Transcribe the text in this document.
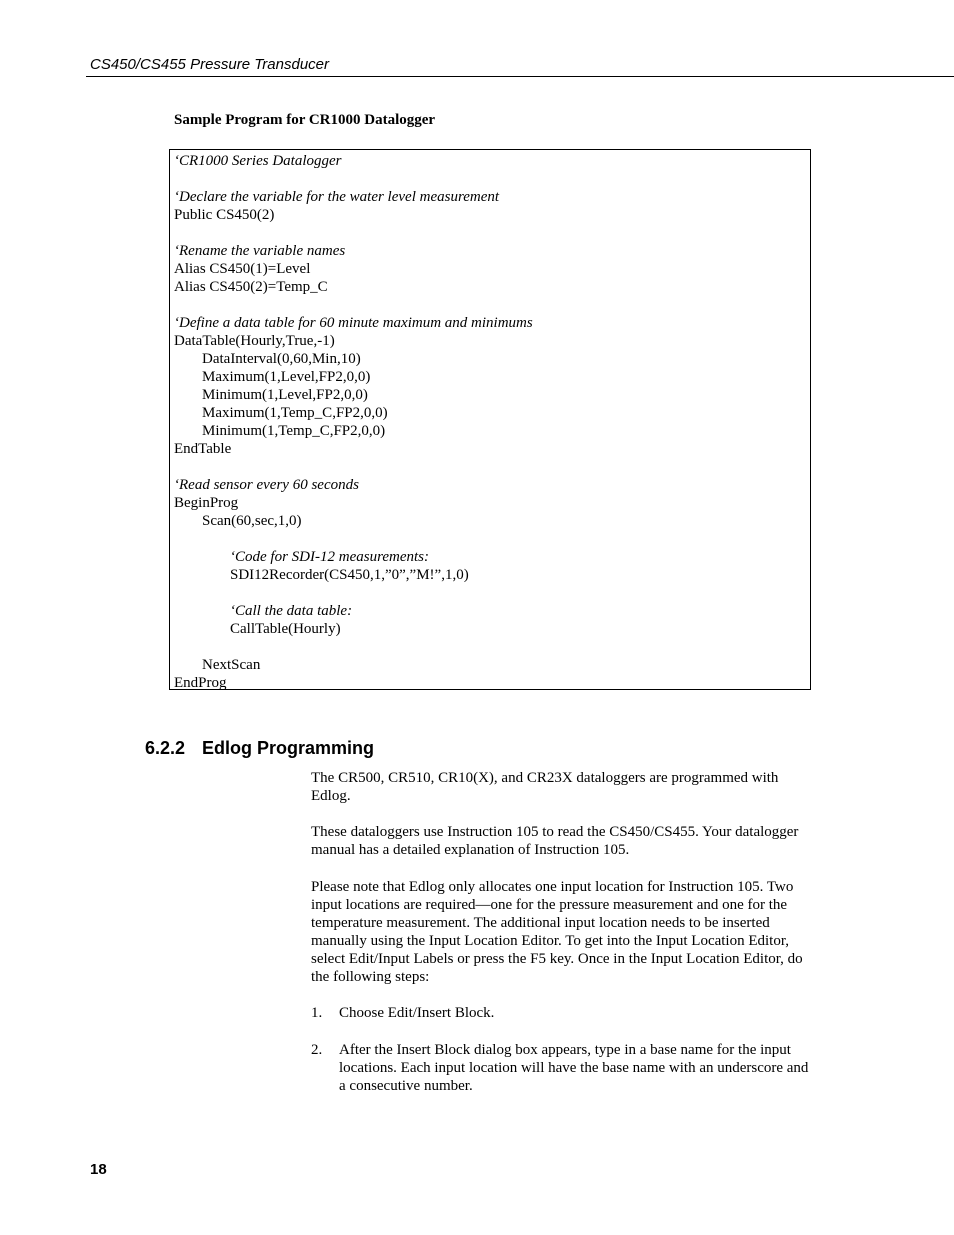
CS450/CS455 Pressure Transducer
Sample Program for CR1000 Datalogger
‘CR1000 Series Datalogger
‘Declare the variable for the water level measurement
Public CS450(2)
‘Rename the variable names
Alias CS450(1)=Level
Alias CS450(2)=Temp_C
‘Define a data table for 60 minute maximum and minimums
DataTable(Hourly,True,-1)
DataInterval(0,60,Min,10)
Maximum(1,Level,FP2,0,0)
Minimum(1,Level,FP2,0,0)
Maximum(1,Temp_C,FP2,0,0)
Minimum(1,Temp_C,FP2,0,0)
EndTable
‘Read sensor every 60 seconds
BeginProg
Scan(60,sec,1,0)
‘Code for SDI-12 measurements:
SDI12Recorder(CS450,1,”0”,”M!”,1,0)
‘Call the data table:
CallTable(Hourly)
NextScan
EndProg
6.2.2 Edlog Programming
The CR500, CR510, CR10(X), and CR23X dataloggers are programmed with Edlog.
These dataloggers use Instruction 105 to read the CS450/CS455. Your datalogger manual has a detailed explanation of Instruction 105.
Please note that Edlog only allocates one input location for Instruction 105. Two input locations are required—one for the pressure measurement and one for the temperature measurement. The additional input location needs to be inserted manually using the Input Location Editor. To get into the Input Location Editor, select Edit/Input Labels or press the F5 key. Once in the Input Location Editor, do the following steps:
1. Choose Edit/Insert Block.
2. After the Insert Block dialog box appears, type in a base name for the input locations. Each input location will have the base name with an underscore and a consecutive number.
18
